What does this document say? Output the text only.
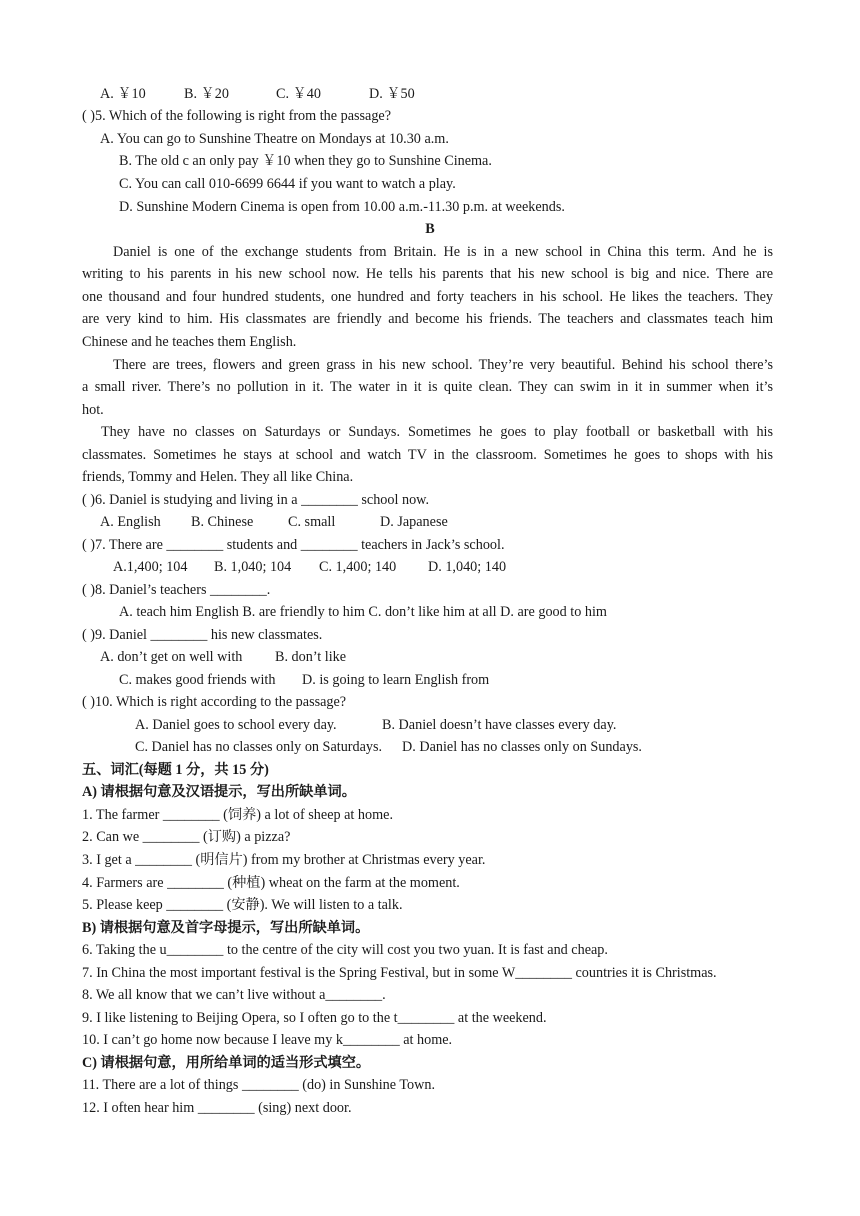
A. ￥10	B. ￥20	C. ￥40	D. ￥50
( )5. Which of the following is right from the passage?
A. You can go to Sunshine Theatre on Mondays at 10.30 a.m.
B. The old c an only pay ￥10 when they go to Sunshine Cinema.
C. You can call 010-6699 6644 if you want to watch a play.
D. Sunshine Modern Cinema is open from 10.00 a.m.-11.30 p.m. at weekends.
B
Daniel is one of the exchange students from Britain. He is in a new school in China this term. And he is
writing to his parents in his new school now. He tells his parents that his new school is big and nice. There are
one thousand and four hundred students, one hundred and forty teachers in his school. He likes the teachers. They
are very kind to him. His classmates are friendly and become his friends. The teachers and classmates teach him
Chinese and he teaches them English.
There are trees, flowers and green grass in his new school. They’re very beautiful. Behind his school there’s
a small river. There’s no pollution in it. The water in it is quite clean. They can swim in it in summer when it’s
hot.
They have no classes on Saturdays or Sundays. Sometimes he goes to play football or basketball with his
classmates. Sometimes he stays at school and watch TV in the classroom. Sometimes he goes to shops with his
friends, Tommy and Helen. They all like China.
( )6. Daniel is studying and living in a ________ school now.
A. English B. Chinese C. small	D. Japanese
( )7. There are ________ students and ________ teachers in Jack’s school.
A.1,400; 104 B. 1,040; 104 C. 1,400; 140 D. 1,040; 140
( )8. Daniel’s teachers ________.
A. teach him English B. are friendly to him C. don’t like him at all D. are good to him
( )9. Daniel ________ his new classmates.
A. don’t get on well with B. don’t like
C. makes good friends with D. is going to learn English from
( )10. Which is right according to the passage?
A. Daniel goes to school every day.	B. Daniel doesn’t have classes every day.
C. Daniel has no classes only on Saturdays. D. Daniel has no classes only on Sundays.
五、词汇(每题 1 分，共 15 分)
A) 请根据句意及汉语提示，写出所缺单词。
1. The farmer ________ (饲养) a lot of sheep at home.
2. Can we ________ (订购) a pizza?
3. I get a ________ (明信片) from my brother at Christmas every year.
4. Farmers are ________ (种植) wheat on the farm at the moment.
5. Please keep ________ (安静). We will listen to a talk.
B) 请根据句意及首字母提示，写出所缺单词。
6. Taking the u________ to the centre of the city will cost you two yuan. It is fast and cheap.
7. In China the most important festival is the Spring Festival, but in some W________ countries it is Christmas.
8. We all know that we can’t live without a________.
9. I like listening to Beijing Opera, so I often go to the t________ at the weekend.
10. I can’t go home now because I leave my k________ at home.
C) 请根据句意，用所给单词的适当形式填空。
11. There are a lot of things ________ (do) in Sunshine Town.
12. I often hear him ________ (sing) next door.
